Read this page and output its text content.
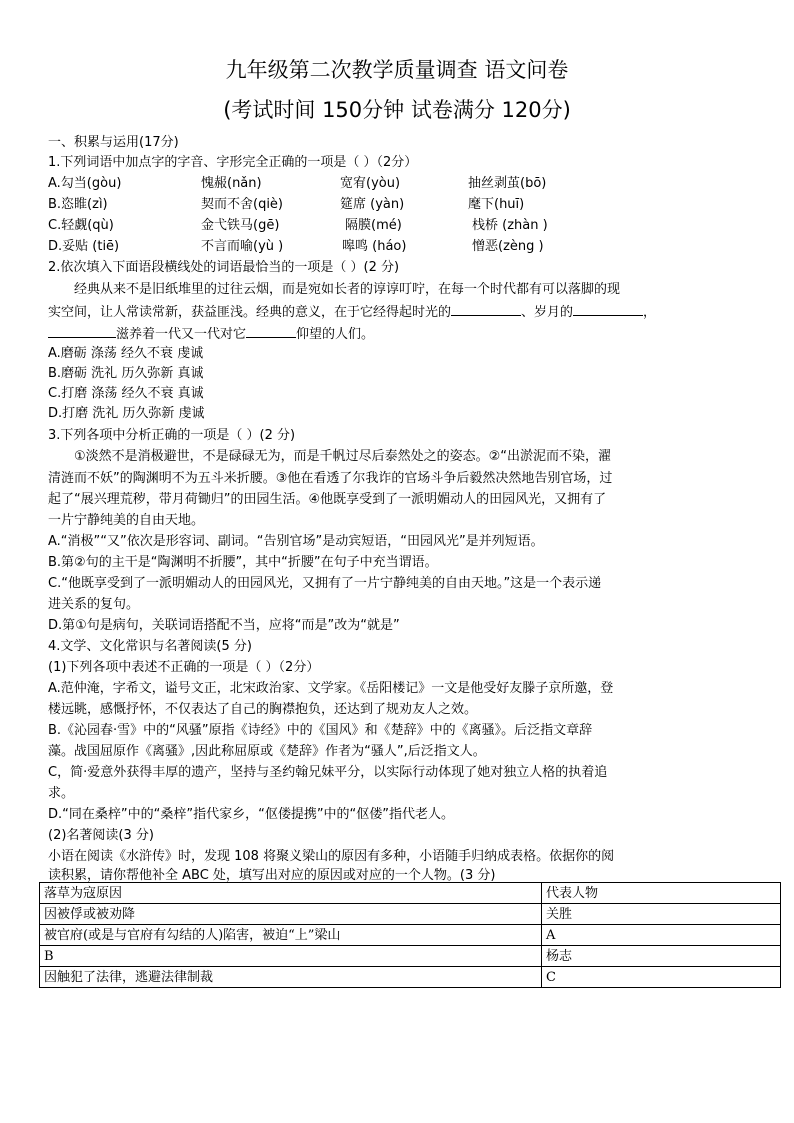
九年级第二次教学质量调查 语文问卷
(考试时间 150分钟 试卷满分 120分)
一、积累与运用(17分)
1.下列词语中加点字的字音、字形完全正确的一项是（ ）（2分）
A.勾当(gòu)	愧赧(nǎn)	宽宥(yòu)	抽丝剥茧(bō)
B.恣睢(zì)	契而不舍(qiè)	筵席 (yàn)	麾下(huī)
C.轻觑(qù)	金弋铁马(gē)	隔膜(mé)	栈桥 (zhàn )
D.妥贴 (tiē)	不言而喻(yù )	嗥鸣 (háo)	憎恶(zèng )
2.依次填入下面语段横线处的词语最恰当的一项是（ ）(2 分)
经典从来不是旧纸堆里的过往云烟，而是宛如长者的谆谆叮咛，在每一个时代都有可以落脚的现
实空间，让人常读常新，获益匪浅。经典的意义，在于它经得起时光的	、岁月的	，
滋养着一代又一代对它	仰望的人们。
A.磨砺 涤荡 经久不衰 虔诚
B.磨砺 洗礼 历久弥新 真诚
C.打磨 涤荡 经久不衰 真诚
D.打磨 洗礼 历久弥新 虔诚
3.下列各项中分析正确的一项是（ ）(2 分)
①淡然不是消极避世，不是碌碌无为，而是千帆过尽后泰然处之的姿态。②“出淤泥而不染，濯
清涟而不妖”的陶渊明不为五斗米折腰。③他在看透了尔我诈的官场斗争后毅然决然地告别官场，过
起了“展兴理荒秽，带月荷锄归”的田园生活。④他既享受到了一派明媚动人的田园风光，又拥有了
一片宁静纯美的自由天地。
A.“消极”“又”依次是形容词、副词。“告别官场”是动宾短语，“田园风光”是并列短语。
B.第②句的主干是“陶渊明不折腰”，其中“折腰”在句子中充当谓语。
C.“他既享受到了一派明媚动人的田园风光，又拥有了一片宁静纯美的自由天地。”这是一个表示递
进关系的复句。
D.第①句是病句，关联词语搭配不当，应将“而是”改为“就是”
4.文学、文化常识与名著阅读(5 分)
(1)下列各项中表述不正确的一项是（ ）（2分）
A.范仲淹，字希文，谥号文正，北宋政治家、文学家。《岳阳楼记》一文是他受好友滕子京所邀，登
楼远眺，感慨抒怀，不仅表达了自己的胸襟抱负，还达到了规劝友人之效。
B.《沁园春·雪》中的“风骚”原指《诗经》中的《国风》和《楚辞》中的《离骚》。后泛指文章辞
藻。战国屈原作《离骚》,因此称屈原或《楚辞》作者为“骚人”,后泛指文人。
C，简·爱意外获得丰厚的遗产，坚持与圣约翰兄妹平分，以实际行动体现了她对独立人格的执着追
求。
D.“同在桑梓”中的“桑梓”指代家乡，“伛偻提携”中的“伛偻”指代老人。
(2)名著阅读(3 分)
小语在阅读《水浒传》时，发现 108 将聚义梁山的原因有多种，小语随手归纳成表格。依据你的阅
读积累，请你帮他补全 ABC 处，填写出对应的原因或对应的一个人物。(3 分)
落草为寇原因	代表人物
因被俘或被劝降	关胜
被官府(或是与官府有勾结的人)陷害，被迫“上”梁山	A
B	杨志
因触犯了法律，逃避法律制裁	C
